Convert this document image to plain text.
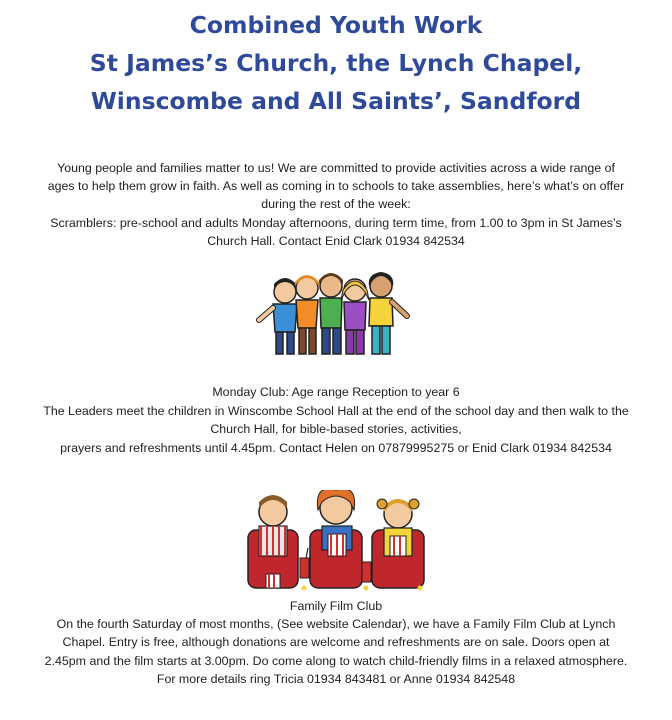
Combined Youth Work
St James’s Church, the Lynch Chapel,
Winscombe and All Saints’, Sandford
Young people and families matter to us! We are committed to provide activities across a wide range of
ages to help them grow in faith. As well as coming in to schools to take assemblies, here’s what’s on offer
during the rest of the week:
Scramblers: pre-school and adults Monday afternoons, during term time, from 1.00 to 3pm in St James’s
Church Hall. Contact Enid Clark 01934 842534
Monday Club: Age range Reception to year 6
The Leaders meet the children in Winscombe School Hall at the end of the school day and then walk to the
Church Hall, for bible-based stories, activities,
prayers and refreshments until 4.45pm. Contact Helen on 07879995275 or Enid Clark 01934 842534
Family Film Club
On the fourth Saturday of most months, (See website Calendar), we have a Family Film Club at Lynch
Chapel. Entry is free, although donations are welcome and refreshments are on sale. Doors open at
2.45pm and the film starts at 3.00pm. Do come along to watch child-friendly films in a relaxed atmosphere.
For more details ring Tricia 01934 843481 or Anne 01934 842548
